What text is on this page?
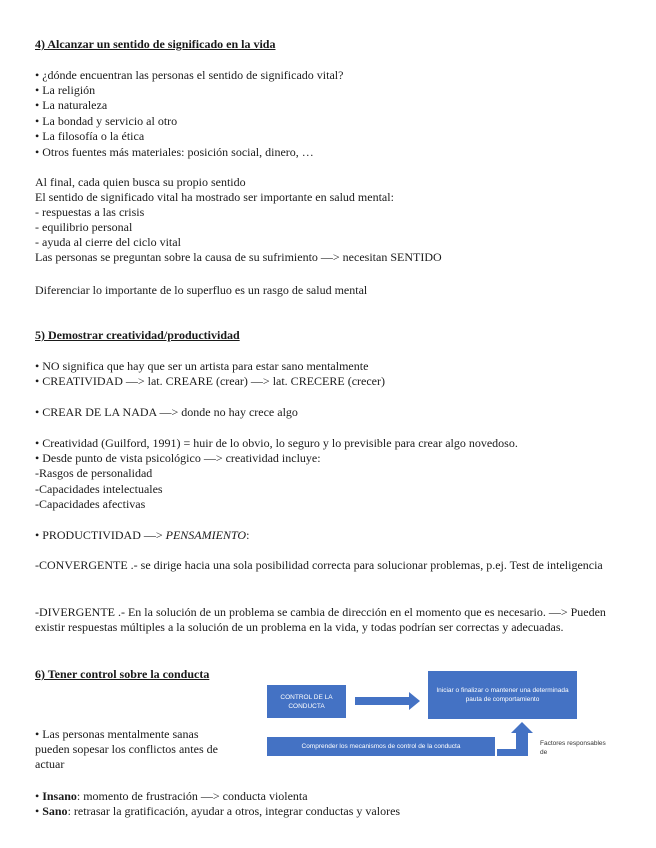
4) Alcanzar un sentido de significado en la vida
• ¿dónde encuentran las personas el sentido de significado vital?
• La religión
• La naturaleza
• La bondad y servicio al otro
• La filosofía o la ética
• Otros fuentes más materiales: posición social, dinero, …
Al final, cada quien busca su propio sentido
El sentido de significado vital ha mostrado ser importante en salud mental:
- respuestas a las crisis
- equilibrio personal
- ayuda al cierre del ciclo vital
Las personas se preguntan sobre la causa de su sufrimiento —> necesitan SENTIDO
Diferenciar lo importante de lo superfluo es un rasgo de salud mental
5) Demostrar creatividad/productividad
• NO significa que hay que ser un artista para estar sano mentalmente
• CREATIVIDAD —> lat. CREARE (crear) —> lat. CRECERE (crecer)
• CREAR DE LA NADA —> donde no hay crece algo
• Creatividad (Guilford, 1991) = huir de lo obvio, lo seguro y lo previsible para crear algo novedoso.
• Desde punto de vista psicológico —> creatividad incluye:
-Rasgos de personalidad
-Capacidades intelectuales
-Capacidades afectivas
• PRODUCTIVIDAD —> PENSAMIENTO:
-CONVERGENTE .- se dirige hacia una sola posibilidad correcta para solucionar problemas, p.ej. Test de inteligencia
-DIVERGENTE .- En la solución de un problema se cambia de dirección en el momento que es necesario. —> Pueden existir respuestas múltiples a la solución de un problema en la vida, y todas podrían ser correctas y adecuadas.
6) Tener control sobre la conducta
• Las personas mentalmente sanas pueden sopesar los conflictos antes de actuar
• Insano: momento de frustración —> conducta violenta
• Sano: retrasar la gratificación, ayudar a otros, integrar conductas y valores
CONTROL DE LA CONDUCTA
Iniciar o finalizar o mantener una determinada pauta de comportamiento
Comprender los mecanismos de control de la conducta	Factores responsables de
